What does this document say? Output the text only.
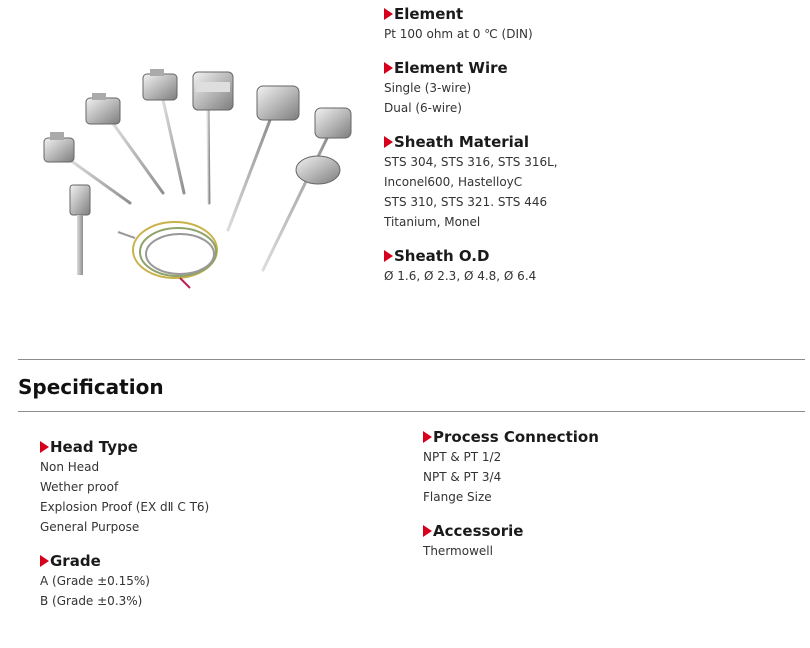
Element
Pt 100 ohm at 0 ℃ (DIN)
Element Wire
Single (3-wire)
Dual (6-wire)
Sheath Material
STS 304, STS 316, STS 316L,
Inconel600, HastelloyC
STS 310, STS 321. STS 446
Titanium, Monel
Sheath O.D
Ø 1.6, Ø 2.3, Ø 4.8, Ø 6.4
Specification
Head Type
Non Head
Wether proof
Explosion Proof (EX dⅡ C T6)
General Purpose
Grade
A (Grade ±0.15%)
B (Grade ±0.3%)
Process Connection
NPT & PT 1/2
NPT & PT 3/4
Flange Size
Accessorie
Thermowell
